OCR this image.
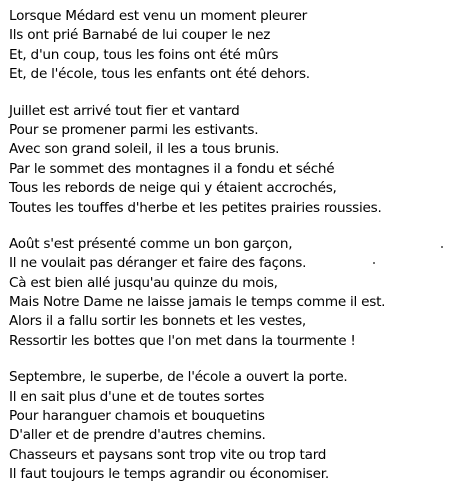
Lorsque Médard est venu un moment pleurer
Ils ont prié Barnabé de lui couper le nez
Et, d'un coup, tous les foins ont été mûrs
Et, de l'école, tous les enfants ont été dehors.
Juillet est arrivé tout fier et vantard
Pour se promener parmi les estivants.
Avec son grand soleil, il les a tous brunis.
Par le sommet des montagnes il a fondu et séché
Tous les rebords de neige qui y étaient accrochés,
Toutes les touffes d'herbe et les petites prairies roussies.
Août s'est présenté comme un bon garçon,
Il ne voulait pas déranger et faire des façons.
Cà est bien allé jusqu'au quinze du mois,
Mais Notre Dame ne laisse jamais le temps comme il est.
Alors il a fallu sortir les bonnets et les vestes,
Ressortir les bottes que l'on met dans la tourmente !
Septembre, le superbe, de l'école a ouvert la porte.
Il en sait plus d'une et de toutes sortes
Pour haranguer chamois et bouquetins
D'aller et de prendre d'autres chemins.
Chasseurs et paysans sont trop vite ou trop tard
Il faut toujours le temps agrandir ou économiser.
